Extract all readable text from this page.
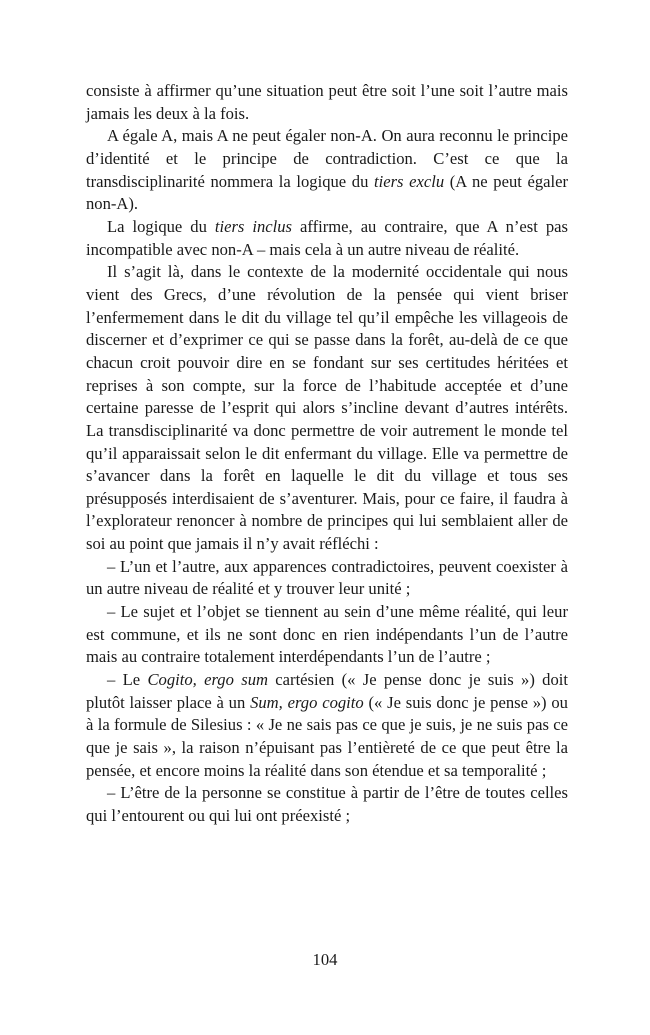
consiste à affirmer qu’une situation peut être soit l’une soit l’autre mais jamais les deux à la fois.

A égale A, mais A ne peut égaler non-A. On aura reconnu le principe d’identité et le principe de contradiction. C’est ce que la transdisciplinarité nommera la logique du tiers exclu (A ne peut égaler non-A).

La logique du tiers inclus affirme, au contraire, que A n’est pas incompatible avec non-A – mais cela à un autre niveau de réalité.

Il s’agit là, dans le contexte de la modernité occidentale qui nous vient des Grecs, d’une révolution de la pensée qui vient briser l’enfermement dans le dit du village tel qu’il empêche les villageois de discerner et d’exprimer ce qui se passe dans la forêt, au-delà de ce que chacun croit pouvoir dire en se fondant sur ses certitudes héritées et reprises à son compte, sur la force de l’habitude acceptée et d’une certaine paresse de l’esprit qui alors s’incline devant d’autres intérêts. La transdisciplinarité va donc permettre de voir autrement le monde tel qu’il apparaissait selon le dit enfermant du village. Elle va permettre de s’avancer dans la forêt en laquelle le dit du village et tous ses présupposés interdisaient de s’aventurer. Mais, pour ce faire, il faudra à l’explorateur renoncer à nombre de principes qui lui semblaient aller de soi au point que jamais il n’y avait réfléchi :

– L’un et l’autre, aux apparences contradictoires, peuvent coexister à un autre niveau de réalité et y trouver leur unité ;

– Le sujet et l’objet se tiennent au sein d’une même réalité, qui leur est commune, et ils ne sont donc en rien indépendants l’un de l’autre mais au contraire totalement interdépendants l’un de l’autre ;

– Le Cogito, ergo sum cartésien (« Je pense donc je suis ») doit plutôt laisser place à un Sum, ergo cogito (« Je suis donc je pense ») ou à la formule de Silesius : « Je ne sais pas ce que je suis, je ne suis pas ce que je sais », la raison n’épuisant pas l’entièreté de ce que peut être la pensée, et encore moins la réalité dans son étendue et sa temporalité ;

– L’être de la personne se constitue à partir de l’être de toutes celles qui l’entourent ou qui lui ont préexisté ;

104
